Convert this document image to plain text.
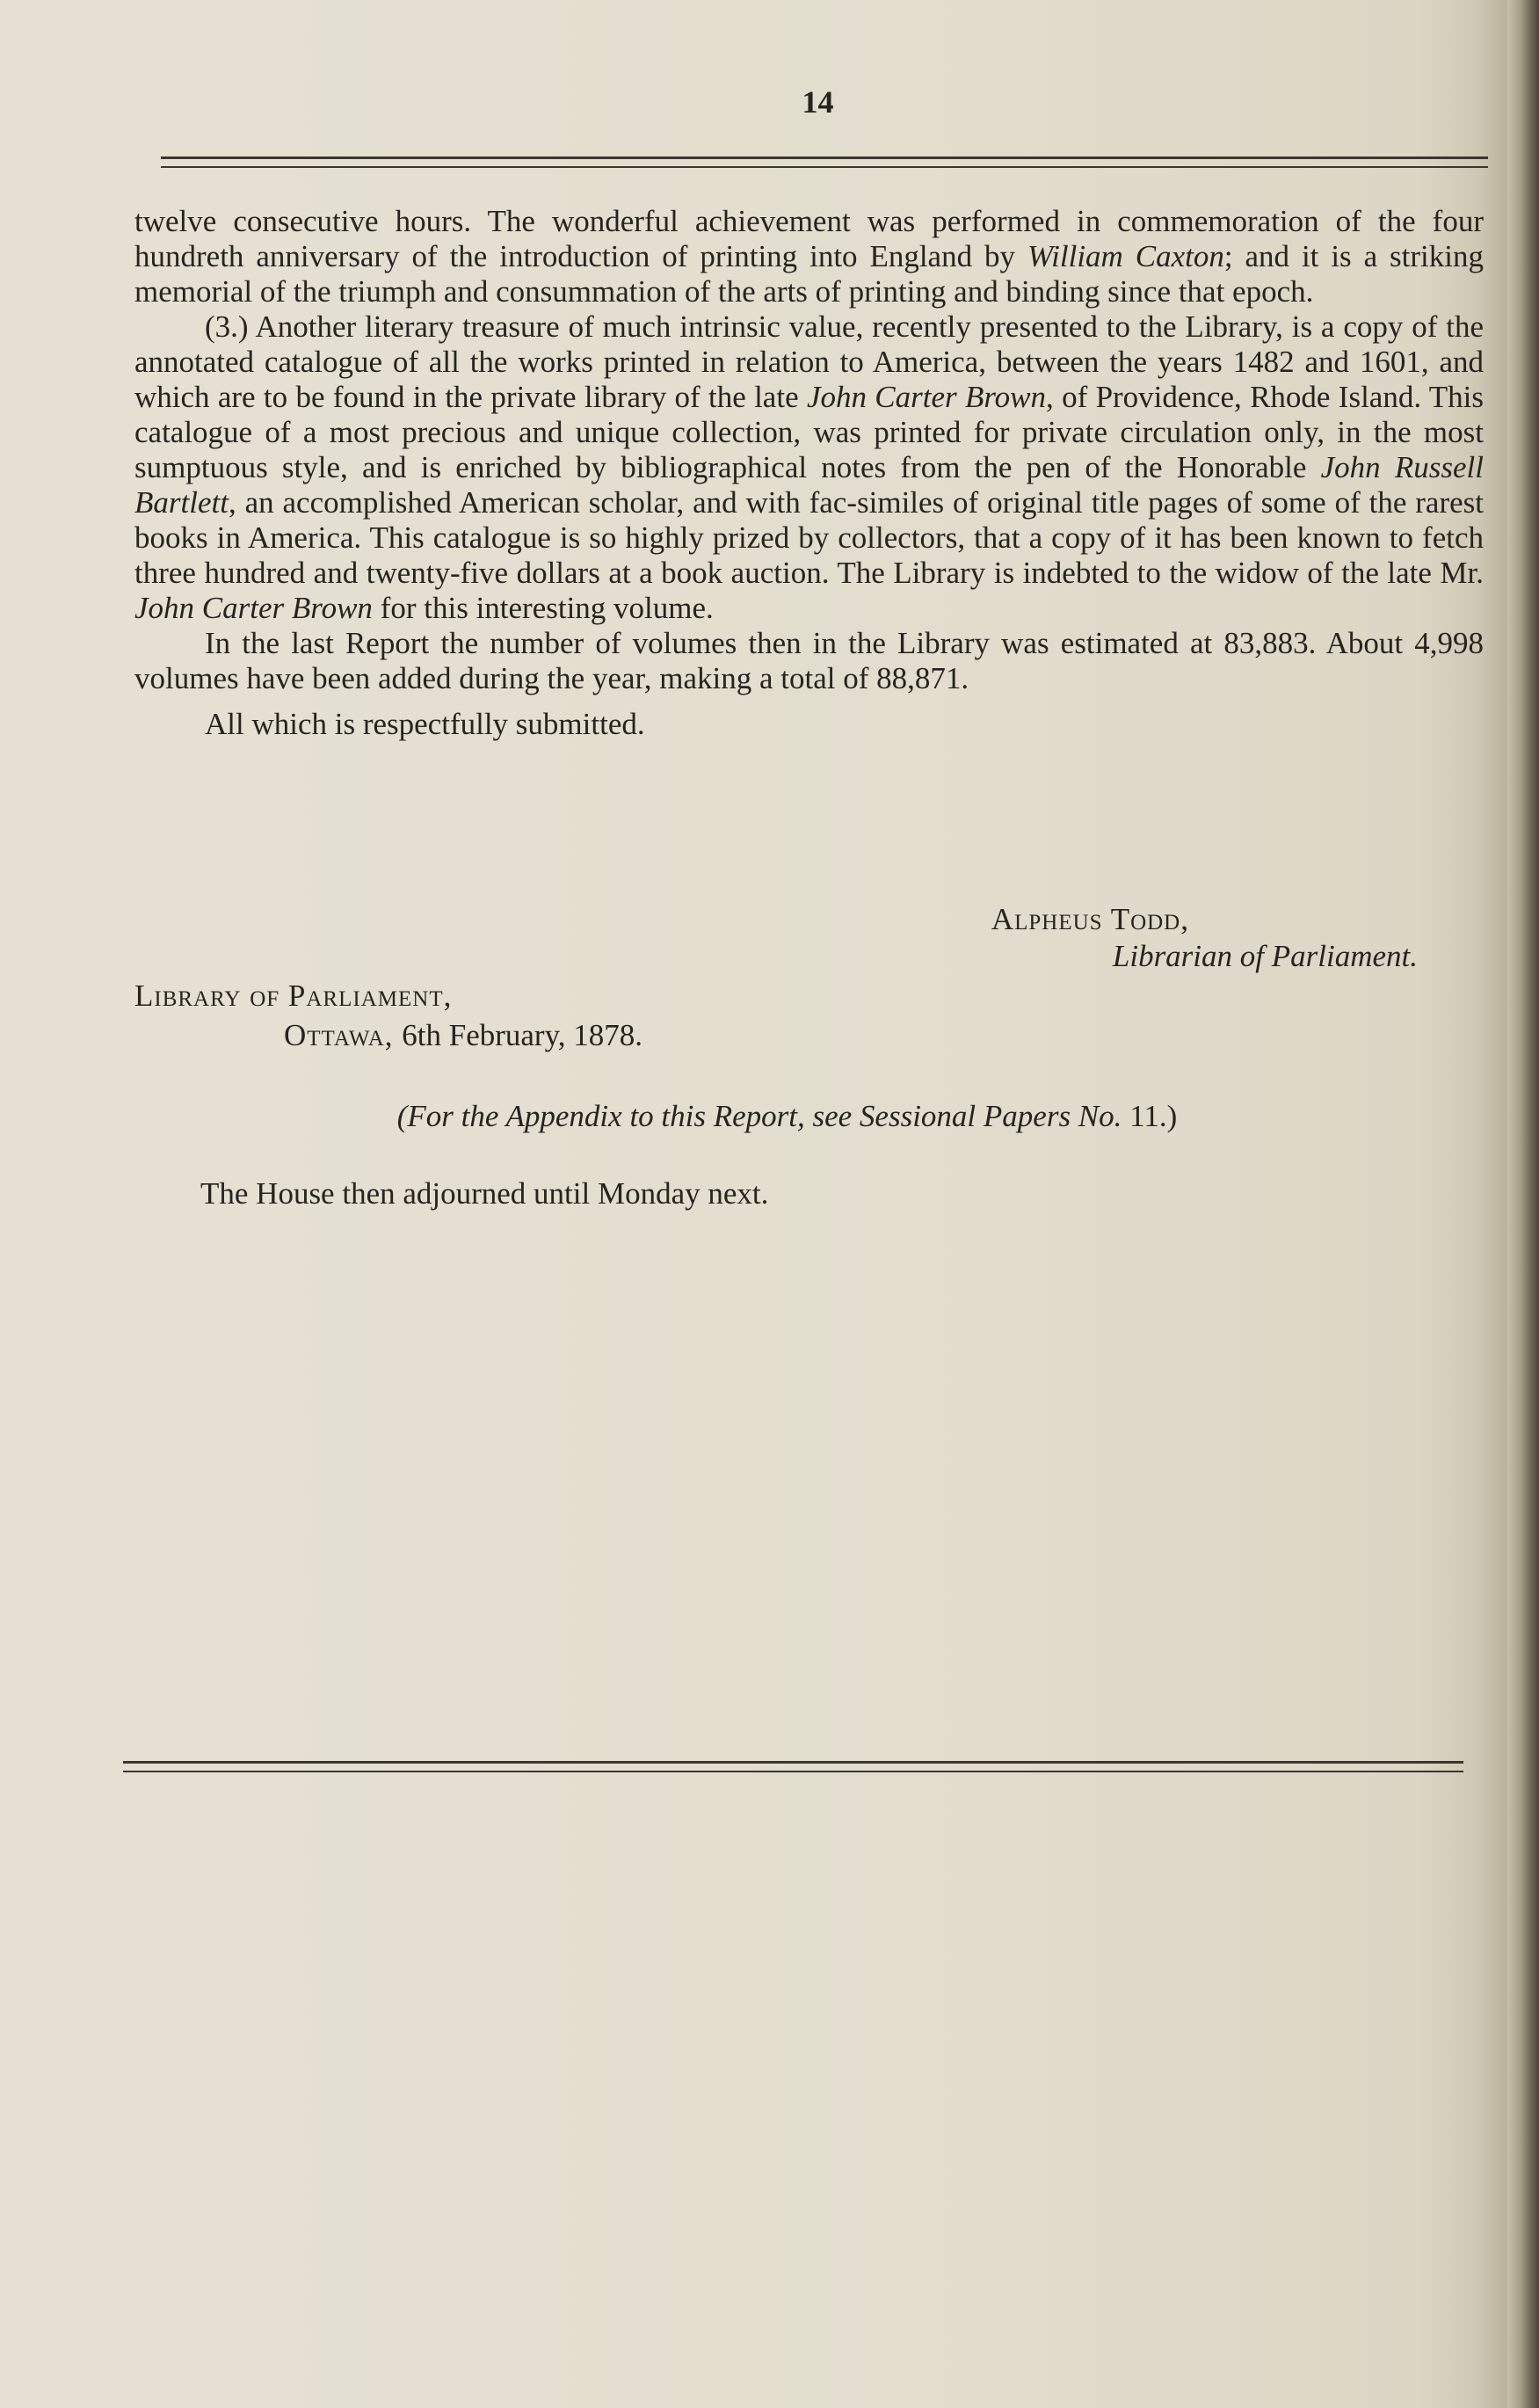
14

twelve consecutive hours. The wonderful achievement was performed in commemoration of the four hundreth anniversary of the introduction of printing into England by William Caxton; and it is a striking memorial of the triumph and consummation of the arts of printing and binding since that epoch.

(3.) Another literary treasure of much intrinsic value, recently presented to the Library, is a copy of the annotated catalogue of all the works printed in relation to America, between the years 1482 and 1601, and which are to be found in the private library of the late John Carter Brown, of Providence, Rhode Island. This catalogue of a most precious and unique collection, was printed for private circulation only, in the most sumptuous style, and is enriched by bibliographical notes from the pen of the Honorable John Russell Bartlett, an accomplished American scholar, and with fac-similes of original title pages of some of the rarest books in America. This catalogue is so highly prized by collectors, that a copy of it has been known to fetch three hundred and twenty-five dollars at a book auction. The Library is indebted to the widow of the late Mr. John Carter Brown for this interesting volume.

In the last Report the number of volumes then in the Library was estimated at 83,883. About 4,998 volumes have been added during the year, making a total of 88,871.

All which is respectfully submitted.

Alpheus Todd,
Librarian of Parliament.
Library of Parliament,
Ottawa, 6th February, 1878.
(For the Appendix to this Report, see Sessional Papers No. 11.)
The House then adjourned until Monday next.
